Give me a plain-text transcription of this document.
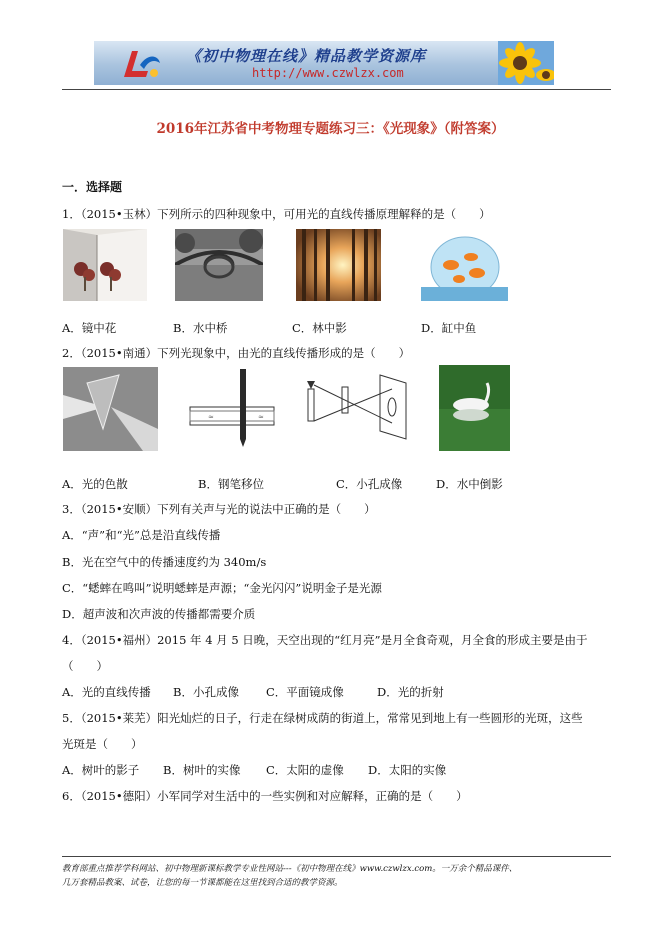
《初中物理在线》精品教学资源库
http://www.czwlzx.com
2016年江苏省中考物理专题练习三：《光现象》（附答案）
一．选择题
1．（2015•玉林）下列所示的四种现象中，可用光的直线传播原理解释的是（　　）
A．镜中花	B．水中桥	C．林中影	D．缸中鱼
2．（2015•南通）下列光现象中，由光的直线传播形成的是（　　）
≈	≈
A．光的色散	B．钢笔移位	C．小孔成像	D．水中倒影
3．（2015•安顺）下列有关声与光的说法中正确的是（　　）
A．“声”和“光”总是沿直线传播
B．光在空气中的传播速度约为 340m/s
C．“蟋蟀在鸣叫”说明蟋蟀是声源；“金光闪闪”说明金子是光源
D．超声波和次声波的传播都需要介质
4．（2015•福州）2015 年 4 月 5 日晚，天空出现的“红月亮”是月全食奇观，月全食的形成主要是由于
（　　）
A．光的直线传播 B．小孔成像 C．平面镜成像	D．光的折射
5．（2015•莱芜）阳光灿烂的日子，行走在绿树成荫的街道上，常常见到地上有一些圆形的光斑，这些
光斑是（　　）
A．树叶的影子 B．树叶的实像 C．太阳的虚像 D．太阳的实像
6．（2015•德阳）小军同学对生活中的一些实例和对应解释，正确的是（　　）
教育部重点推荐学科网站、初中物理新课标教学专业性网站---《初中物理在线》www.czwlzx.com。一万余个精品课件、
几万套精品教案、试卷，让您的每一节课都能在这里找到合适的教学资源。
